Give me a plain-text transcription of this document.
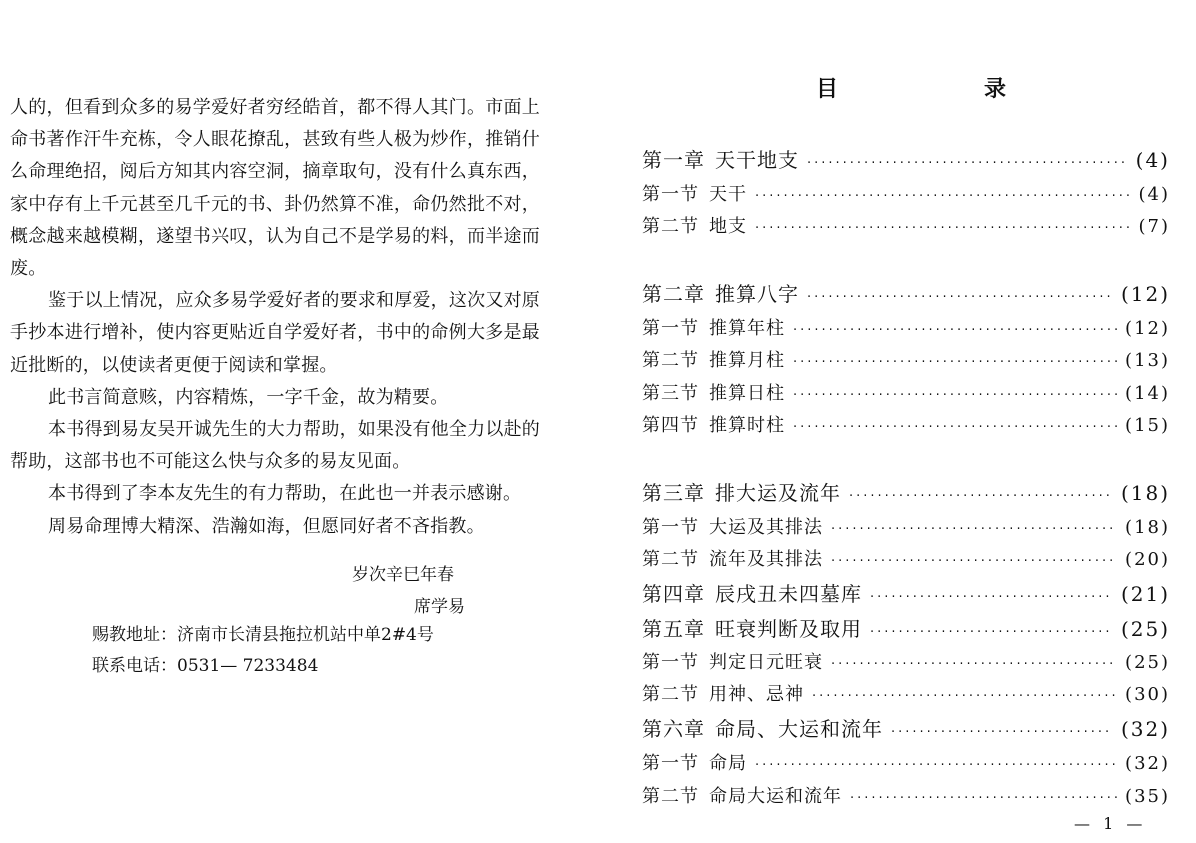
人的，但看到众多的易学爱好者穷经皓首，都不得人其门。市面上命书著作汗牛充栋，令人眼花撩乱，甚致有些人极为炒作，推销什么命理绝招，阅后方知其内容空洞，摘章取句，没有什么真东西，家中存有上千元甚至几千元的书、卦仍然算不准，命仍然批不对，概念越来越模糊，遂望书兴叹，认为自己不是学易的料，而半途而废。

鉴于以上情况，应众多易学爱好者的要求和厚爱，这次又对原手抄本进行增补，使内容更贴近自学爱好者，书中的命例大多是最近批断的，以使读者更便于阅读和掌握。

此书言简意赅，内容精炼，一字千金，故为精要。

本书得到易友吴开诚先生的大力帮助，如果没有他全力以赴的帮助，这部书也不可能这么快与众多的易友见面。

本书得到了李本友先生的有力帮助，在此也一并表示感谢。

周易命理博大精深、浩瀚如海，但愿同好者不吝指教。

岁次辛巳年春
席学易
赐教地址：济南市长清县拖拉机站中单2#4号
联系电话：0531— 7233484
目	录
第一章 天干地支 ·····	(4)
第一节 天干 ·····	(4)
第二节 地支 ·····	(7)
第二章 推算八字 ·····	(12)
第一节 推算年柱 ·····	(12)
第二节 推算月柱 ·····	(13)
第三节 推算日柱 ·····	(14)
第四节 推算时柱 ·····	(15)
第三章 排大运及流年 ·····	(18)
第一节 大运及其排法 ·····	(18)
第二节 流年及其排法 ·····	(20)
第四章 辰戌丑未四墓库 ·····	(21)
第五章 旺衰判断及取用 ·····	(25)
第一节 判定日元旺衰 ·····	(25)
第二节 用神、忌神 ·····	(30)
第六章 命局、大运和流年 ·····	(32)
第一节 命局 ·····	(32)
第二节 命局大运和流年 ·····	(35)
— 1 —
